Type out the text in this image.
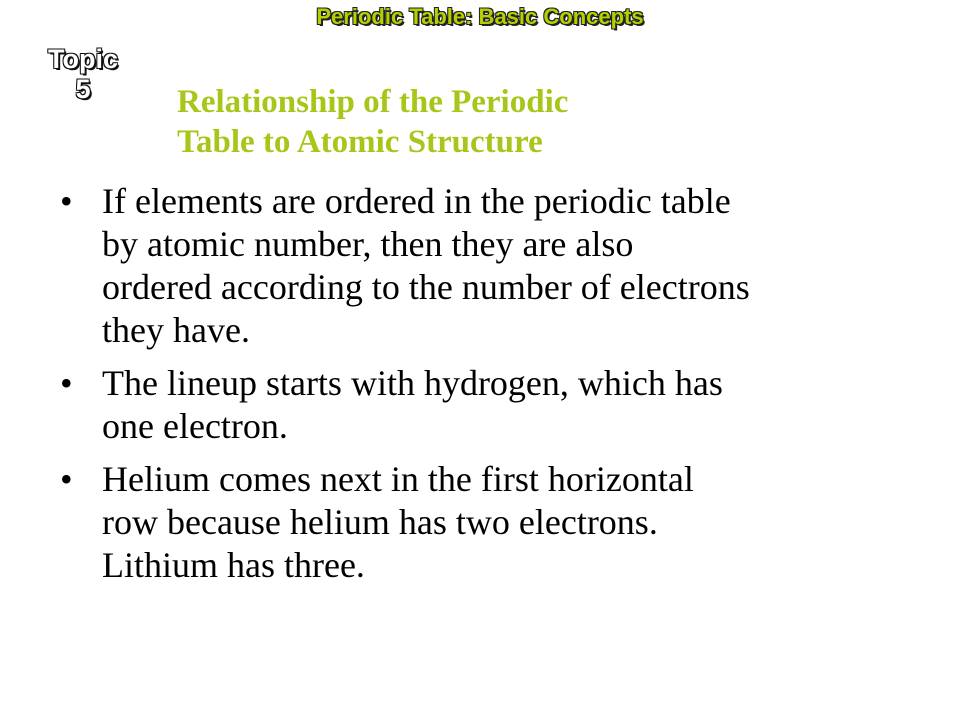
Periodic Table: Basic Concepts
Topic
5	Relationship of the Periodic
Table to Atomic Structure
• If elements are ordered in the periodic table
by atomic number, then they are also
ordered according to the number of electrons
they have.
• The lineup starts with hydrogen, which has
one electron.
• Helium comes next in the first horizontal
row because helium has two electrons.
Lithium has three.
